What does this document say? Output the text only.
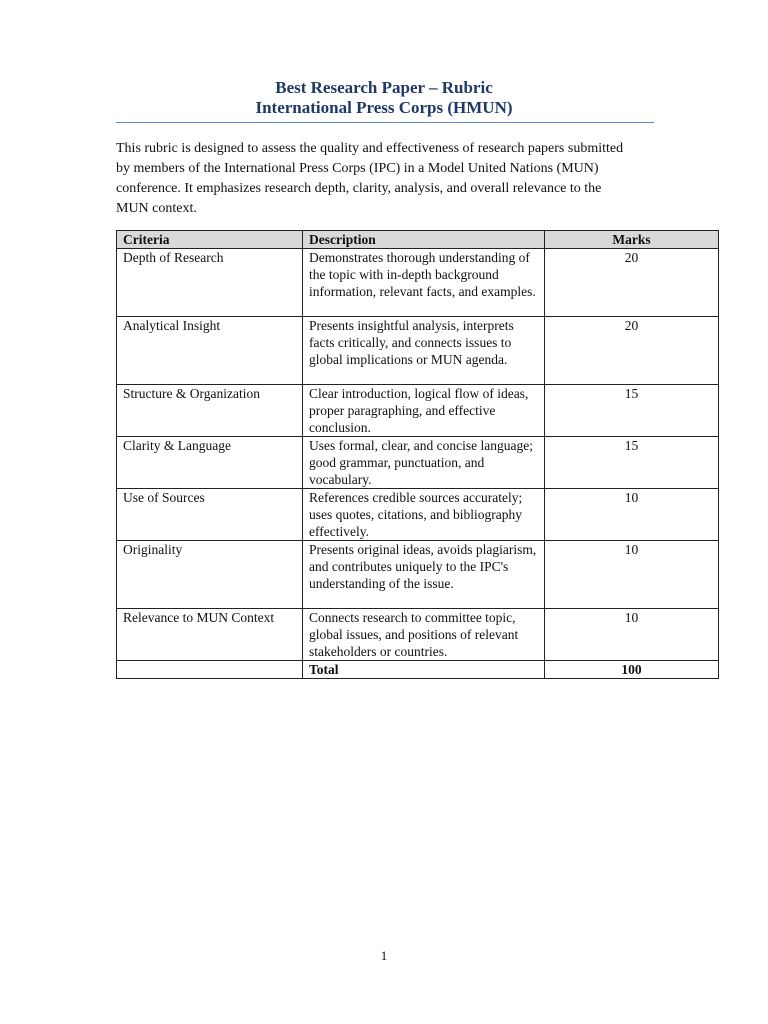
Best Research Paper – Rubric
International Press Corps (HMUN)
This rubric is designed to assess the quality and effectiveness of research papers submitted by members of the International Press Corps (IPC) in a Model United Nations (MUN) conference. It emphasizes research depth, clarity, analysis, and overall relevance to the MUN context.
Criteria	Description	Marks
Depth of Research	Demonstrates thorough understanding of the topic with in-depth background information, relevant facts, and examples.	20
Analytical Insight	Presents insightful analysis, interprets facts critically, and connects issues to global implications or MUN agenda.	20
Structure & Organization	Clear introduction, logical flow of ideas, proper paragraphing, and effective conclusion.	15
Clarity & Language	Uses formal, clear, and concise language; good grammar, punctuation, and vocabulary.	15
Use of Sources	References credible sources accurately; uses quotes, citations, and bibliography effectively.	10
Originality	Presents original ideas, avoids plagiarism, and contributes uniquely to the IPC's understanding of the issue.	10
Relevance to MUN Context	Connects research to committee topic, global issues, and positions of relevant stakeholders or countries.	10
	Total	100
1
